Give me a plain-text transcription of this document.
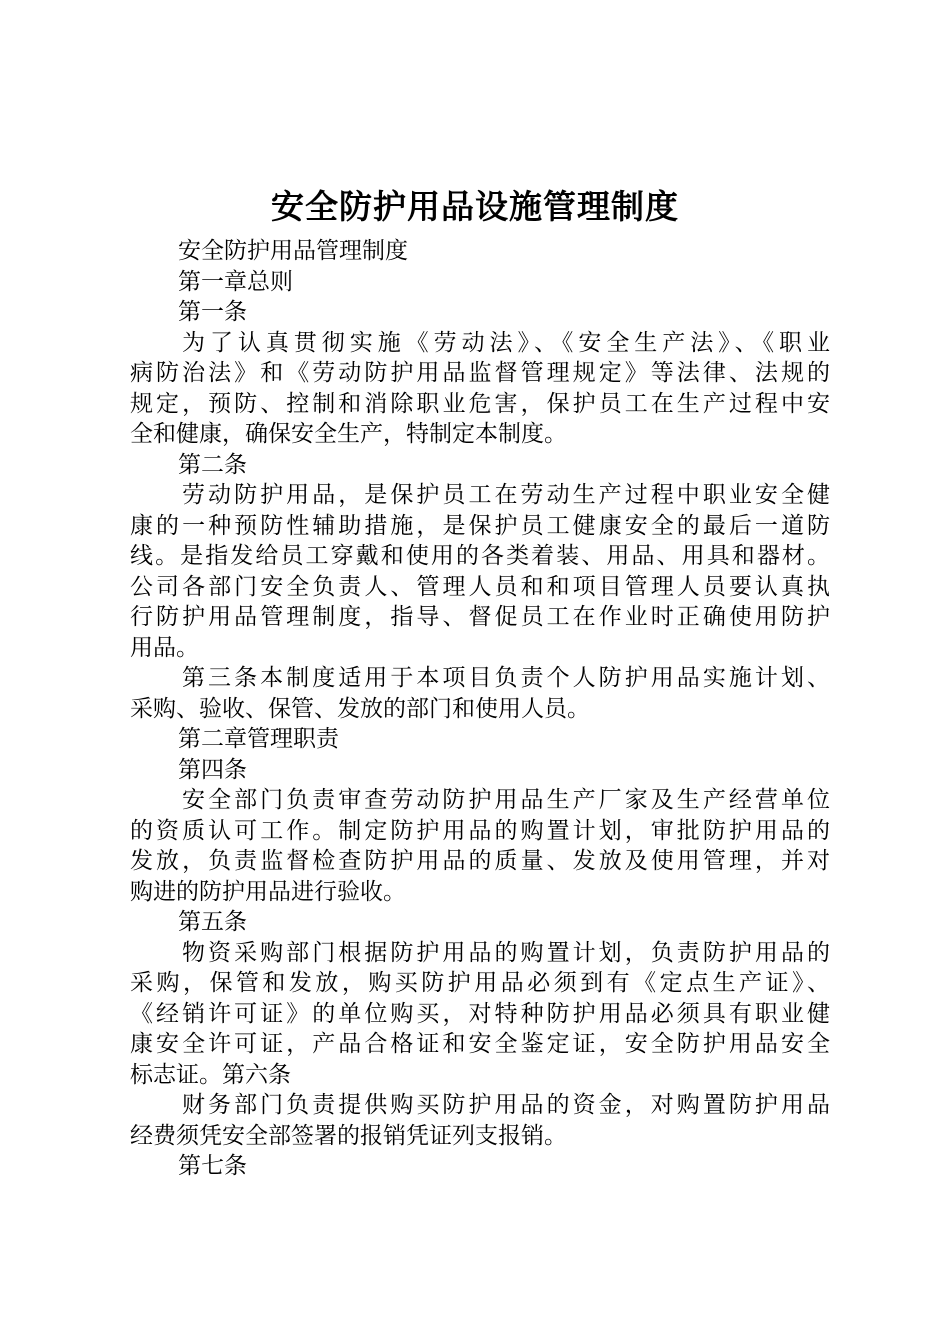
安全防护用品设施管理制度
安全防护用品管理制度
第一章总则
第一条
为了认真贯彻实施《劳动法》、《安全生产法》、《职业
病防治法》和《劳动防护用品监督管理规定》等法律、法规的
规定，预防、控制和消除职业危害，保护员工在生产过程中安
全和健康，确保安全生产，特制定本制度。
第二条
劳动防护用品，是保护员工在劳动生产过程中职业安全健
康的一种预防性辅助措施，是保护员工健康安全的最后一道防
线。是指发给员工穿戴和使用的各类着装、用品、用具和器材。
公司各部门安全负责人、管理人员和和项目管理人员要认真执
行防护用品管理制度，指导、督促员工在作业时正确使用防护
用品。
第三条本制度适用于本项目负责个人防护用品实施计划、
采购、验收、保管、发放的部门和使用人员。
第二章管理职责
第四条
安全部门负责审查劳动防护用品生产厂家及生产经营单位
的资质认可工作。制定防护用品的购置计划，审批防护用品的
发放，负责监督检查防护用品的质量、发放及使用管理，并对
购进的防护用品进行验收。
第五条
物资采购部门根据防护用品的购置计划，负责防护用品的
采购，保管和发放，购买防护用品必须到有《定点生产证》、
《经销许可证》的单位购买，对特种防护用品必须具有职业健
康安全许可证，产品合格证和安全鉴定证，安全防护用品安全
标志证。第六条
财务部门负责提供购买防护用品的资金，对购置防护用品
经费须凭安全部签署的报销凭证列支报销。
第七条
